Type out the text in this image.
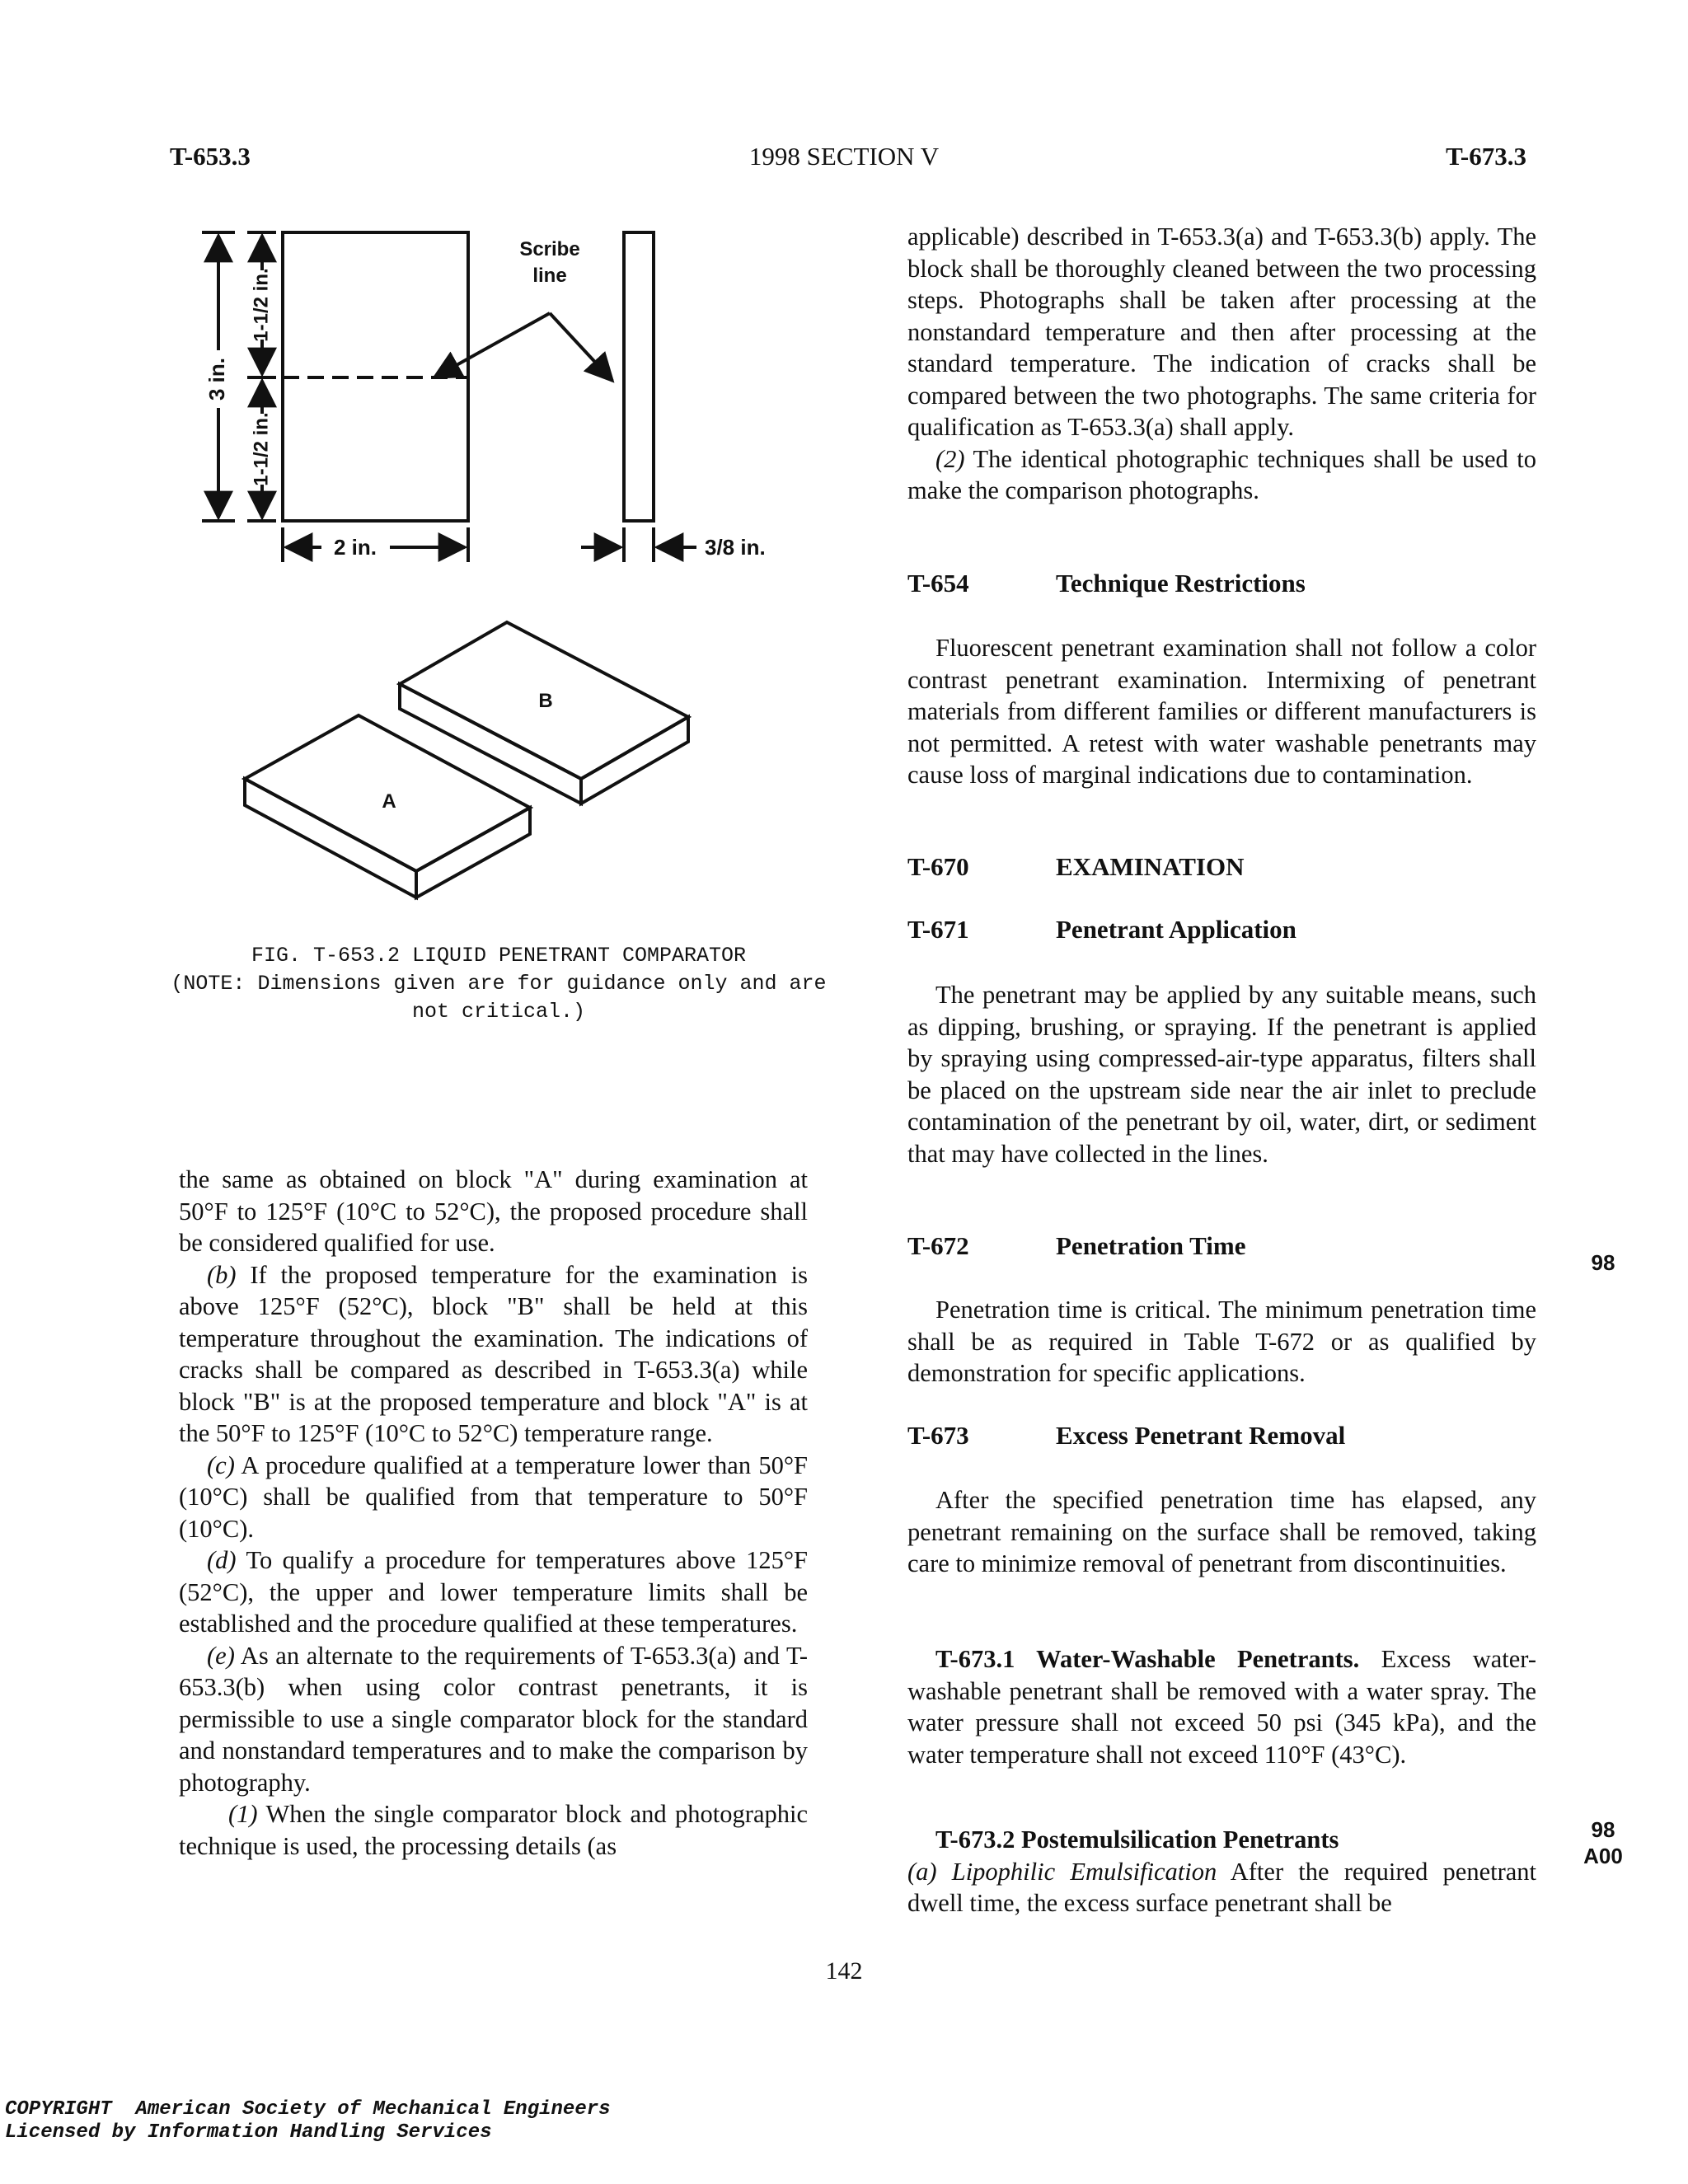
T-653.3	1998 SECTION V	T-673.3
Scribe
line
3 in.
1-1/2 in.
1-1/2 in.
2 in.	3/8 in.
B
A
FIG. T-653.2 LIQUID PENETRANT COMPARATOR
(NOTE: Dimensions given are for guidance only and are
not critical.)

the same as obtained on block "A" during examination at 50°F to 125°F (10°C to 52°C), the proposed procedure shall be considered qualified for use.

(b) If the proposed temperature for the examination is above 125°F (52°C), block "B" shall be held at this temperature throughout the examination. The indications of cracks shall be compared as described in T-653.3(a) while block "B" is at the proposed temperature and block "A" is at the 50°F to 125°F (10°C to 52°C) temperature range.

(c) A procedure qualified at a temperature lower than 50°F (10°C) shall be qualified from that temperature to 50°F (10°C).

(d) To qualify a procedure for temperatures above 125°F (52°C), the upper and lower temperature limits shall be established and the procedure qualified at these temperatures.

(e) As an alternate to the requirements of T-653.3(a) and T-653.3(b) when using color contrast penetrants, it is permissible to use a single comparator block for the standard and nonstandard temperatures and to make the comparison by photography.

(1) When the single comparator block and photographic technique is used, the processing details (as

applicable) described in T-653.3(a) and T-653.3(b) apply. The block shall be thoroughly cleaned between the two processing steps. Photographs shall be taken after processing at the nonstandard temperature and then after processing at the standard temperature. The indication of cracks shall be compared between the two photographs. The same criteria for qualification as T-653.3(a) shall apply.

(2) The identical photographic techniques shall be used to make the comparison photographs.

T-654	Technique Restrictions

Fluorescent penetrant examination shall not follow a color contrast penetrant examination. Intermixing of penetrant materials from different families or different manufacturers is not permitted. A retest with water washable penetrants may cause loss of marginal indications due to contamination.

T-670	EXAMINATION
T-671	Penetrant Application

The penetrant may be applied by any suitable means, such as dipping, brushing, or spraying. If the penetrant is applied by spraying using compressed-air-type apparatus, filters shall be placed on the upstream side near the air inlet to preclude contamination of the penetrant by oil, water, dirt, or sediment that may have collected in the lines.

T-672	Penetration Time

Penetration time is critical. The minimum penetration time shall be as required in Table T-672 or as qualified by demonstration for specific applications.

T-673	Excess Penetrant Removal

After the specified penetration time has elapsed, any penetrant remaining on the surface shall be removed, taking care to minimize removal of penetrant from discontinuities.

T-673.1 Water-Washable Penetrants. Excess water-washable penetrant shall be removed with a water spray. The water pressure shall not exceed 50 psi (345 kPa), and the water temperature shall not exceed 110°F (43°C).

T-673.2 Postemulsilication Penetrants
(a) Lipophilic Emulsification After the required penetrant dwell time, the excess surface penetrant shall be

98
98
A00
142
COPYRIGHT  American Society of Mechanical Engineers
Licensed by Information Handling Services
